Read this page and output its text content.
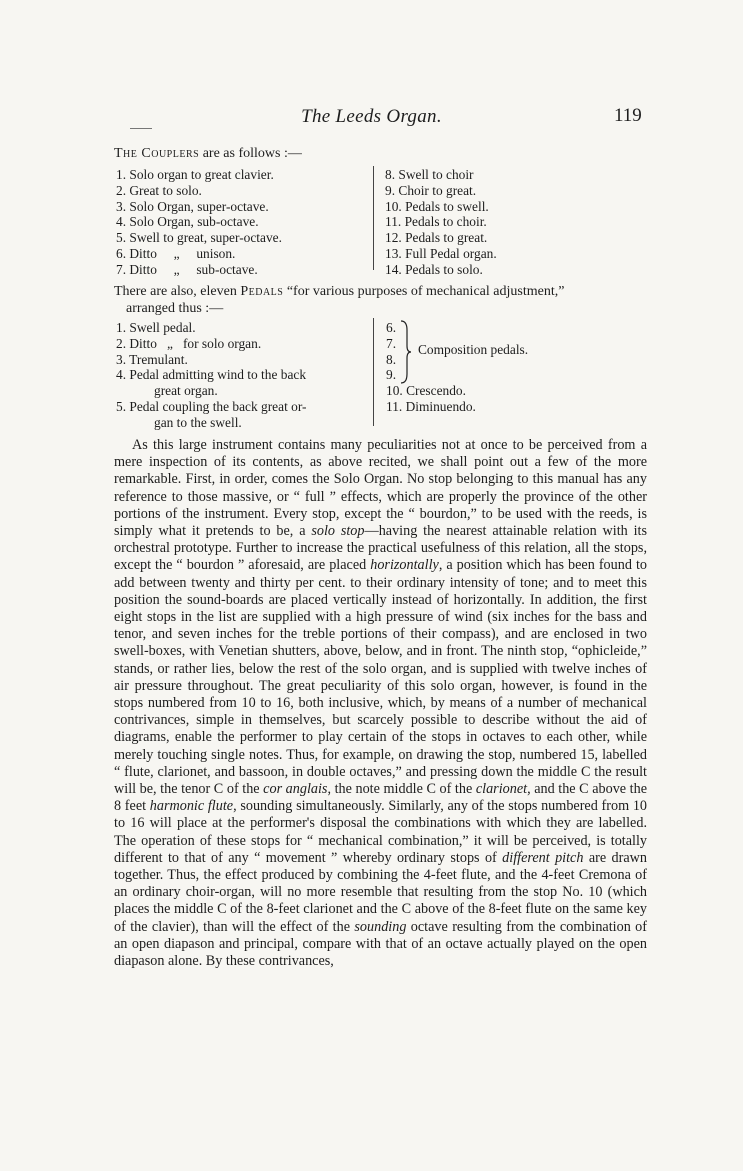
The Leeds Organ.	119
The Couplers are as follows :—
1. Solo organ to great clavier.
2. Great to solo.
3. Solo Organ, super-octave.
4. Solo Organ, sub-octave.
5. Swell to great, super-octave.
6. Ditto     „     unison.
7. Ditto     „     sub-octave.
8. Swell to choir
9. Choir to great.
10. Pedals to swell.
11. Pedals to choir.
12. Pedals to great.
13. Full Pedal organ.
14. Pedals to solo.
There are also, eleven Pedals “for various purposes of mechanical adjustment,”
arranged thus :—
1. Swell pedal.
2. Ditto   „   for solo organ.
3. Tremulant.
4. Pedal admitting wind to the back
great organ.
5. Pedal coupling the back great or-
gan to the swell.
6.
7.
8.
9.
10. Crescendo.
11. Diminuendo.
Composition pedals.

As this large instrument contains many peculiarities not at once to be perceived from a mere inspection of its contents, as above recited, we shall point out a few of the more remarkable. First, in order, comes the Solo Organ. No stop belonging to this manual has any reference to those massive, or “ full ” effects, which are properly the province of the other portions of the instrument. Every stop, except the “ bourdon,” to be used with the reeds, is simply what it pretends to be, a solo stop—having the nearest attainable relation with its orchestral prototype. Further to increase the practical usefulness of this relation, all the stops, except the “ bourdon ” aforesaid, are placed horizontally, a position which has been found to add between twenty and thirty per cent. to their ordinary intensity of tone; and to meet this position the sound-boards are placed vertically instead of horizontally. In addition, the first eight stops in the list are supplied with a high pressure of wind (six inches for the bass and tenor, and seven inches for the treble portions of their compass), and are enclosed in two swell-boxes, with Venetian shutters, above, below, and in front. The ninth stop, “ophicleide,” stands, or rather lies, below the rest of the solo organ, and is supplied with twelve inches of air pressure throughout. The great peculiarity of this solo organ, however, is found in the stops numbered from 10 to 16, both inclusive, which, by means of a number of mechanical contrivances, simple in themselves, but scarcely possible to describe without the aid of diagrams, enable the performer to play certain of the stops in octaves to each other, while merely touching single notes. Thus, for example, on drawing the stop, numbered 15, labelled “ flute, clarionet, and bassoon, in double octaves,” and pressing down the middle C the result will be, the tenor C of the cor anglais, the note middle C of the clarionet, and the C above the 8 feet harmonic flute, sounding simultaneously. Similarly, any of the stops numbered from 10 to 16 will place at the performer's disposal the combinations with which they are labelled. The operation of these stops for “ mechanical combination,” it will be perceived, is totally different to that of any “ movement ” whereby ordinary stops of different pitch are drawn together. Thus, the effect produced by combining the 4-feet flute, and the 4-feet Cremona of an ordinary choir-organ, will no more resemble that resulting from the stop No. 10 (which places the middle C of the 8-feet clarionet and the C above of the 8-feet flute on the same key of the clavier), than will the effect of the sounding octave resulting from the combination of an open diapason and principal, compare with that of an octave actually played on the open diapason alone. By these contrivances,
